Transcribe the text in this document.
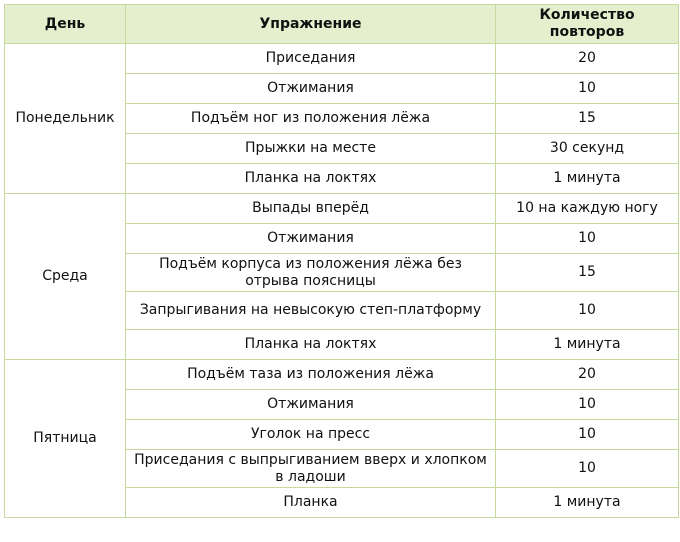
День	Упражнение	Количество повторов
Понедельник	Приседания	20
	Отжимания	10
	Подъём ног из положения лёжа	15
	Прыжки на месте	30 секунд
	Планка на локтях	1 минута
Среда	Выпады вперёд	10 на каждую ногу
	Отжимания	10
	Подъём корпуса из положения лёжа без отрыва поясницы	15
	Запрыгивания на невысокую степ-платформу	10
	Планка на локтях	1 минута
Пятница	Подъём таза из положения лёжа	20
	Отжимания	10
	Уголок на пресс	10
	Приседания с выпрыгиванием вверх и хлопком в ладоши	10
	Планка	1 минута
